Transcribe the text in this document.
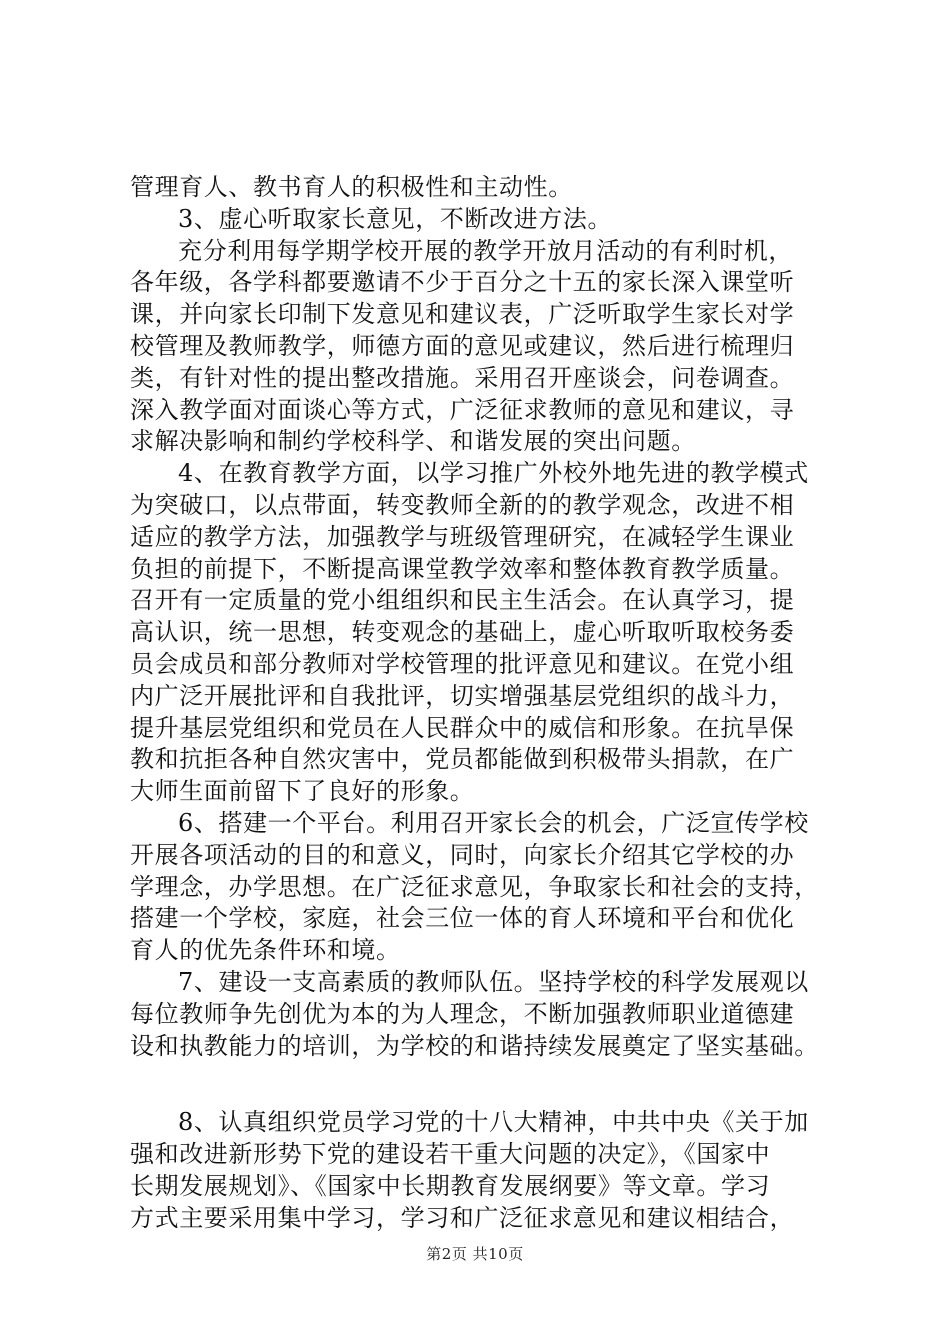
管理育人、教书育人的积极性和主动性。
3、虚心听取家长意见，不断改进方法。
充分利用每学期学校开展的教学开放月活动的有利时机，
各年级，各学科都要邀请不少于百分之十五的家长深入课堂听
课，并向家长印制下发意见和建议表，广泛听取学生家长对学
校管理及教师教学，师德方面的意见或建议，然后进行梳理归
类，有针对性的提出整改措施。采用召开座谈会，问卷调查。
深入教学面对面谈心等方式，广泛征求教师的意见和建议，寻
求解决影响和制约学校科学、和谐发展的突出问题。
4、在教育教学方面，以学习推广外校外地先进的教学模式
为突破口，以点带面，转变教师全新的的教学观念，改进不相
适应的教学方法，加强教学与班级管理研究，在减轻学生课业
负担的前提下，不断提高课堂教学效率和整体教育教学质量。
召开有一定质量的党小组组织和民主生活会。在认真学习，提
高认识，统一思想，转变观念的基础上，虚心听取听取校务委
员会成员和部分教师对学校管理的批评意见和建议。在党小组
内广泛开展批评和自我批评，切实增强基层党组织的战斗力，
提升基层党组织和党员在人民群众中的威信和形象。在抗旱保
教和抗拒各种自然灾害中，党员都能做到积极带头捐款，在广
大师生面前留下了良好的形象。
6、搭建一个平台。利用召开家长会的机会，广泛宣传学校
开展各项活动的目的和意义，同时，向家长介绍其它学校的办
学理念，办学思想。在广泛征求意见，争取家长和社会的支持，
搭建一个学校，家庭，社会三位一体的育人环境和平台和优化
育人的优先条件环和境。
7、建设一支高素质的教师队伍。坚持学校的科学发展观以
每位教师争先创优为本的为人理念，不断加强教师职业道德建
设和执教能力的培训，为学校的和谐持续发展奠定了坚实基础。
8、认真组织党员学习党的十八大精神，中共中央《关于加
强和改进新形势下党的建设若干重大问题的决定》，《国家中
长期发展规划》、《国家中长期教育发展纲要》等文章。学习
方式主要采用集中学习，学习和广泛征求意见和建议相结合，
第2页 共10页
